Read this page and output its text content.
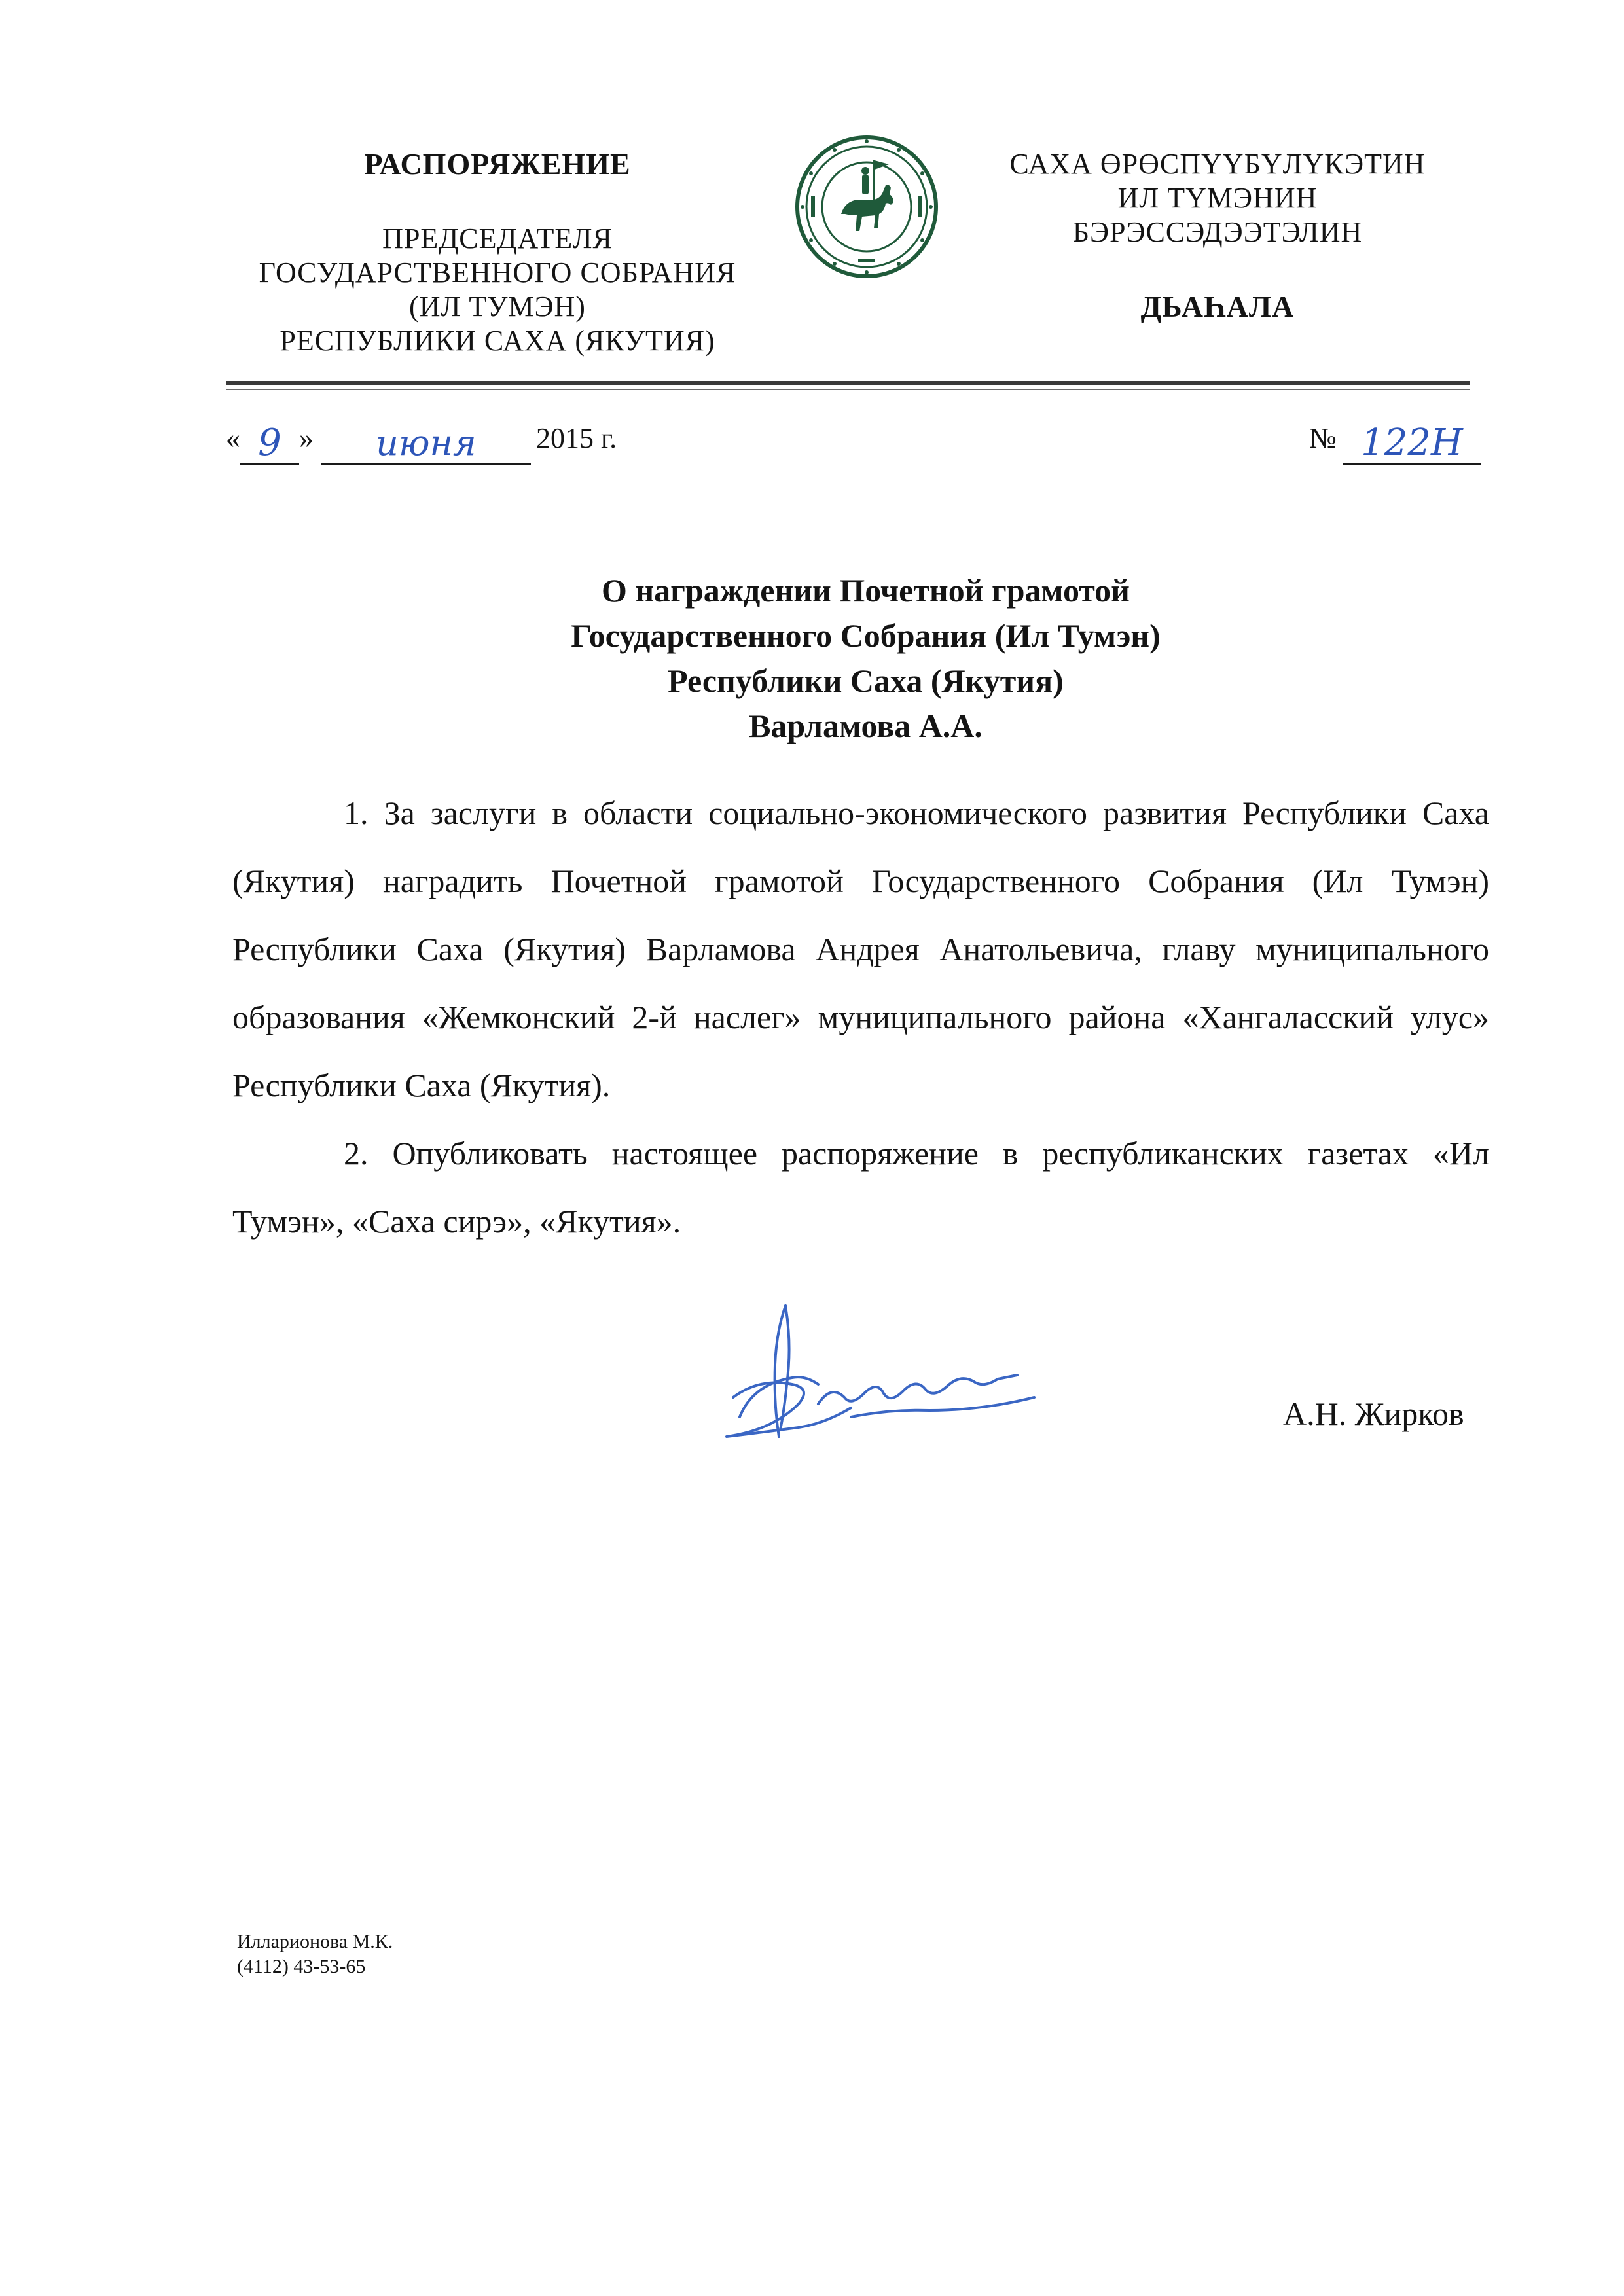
РАСПОРЯЖЕНИЕ
ПРЕДСЕДАТЕЛЯ
ГОСУДАРСТВЕННОГО СОБРАНИЯ
(ИЛ ТУМЭН)
РЕСПУБЛИКИ САХА (ЯКУТИЯ)
САХА ӨРӨСПҮҮБҮЛҮКЭТИН
ИЛ ТҮМЭНИН
БЭРЭССЭДЭЭТЭЛИН
ДЬАҺАЛА
« 9 » июня 2015 г.	№ 122Н
О награждении Почетной грамотой
Государственного Собрания (Ил Тумэн)
Республики Саха (Якутия)
Варламова А.А.

1. За заслуги в области социально-экономического развития Республики Саха (Якутия) наградить Почетной грамотой Государственного Собрания (Ил Тумэн) Республики Саха (Якутия) Варламова Андрея Анатольевича, главу муниципального образования «Жемконский 2-й наслег» муниципального района «Хангаласский улус» Республики Саха (Якутия).

2. Опубликовать настоящее распоряжение в республиканских газетах «Ил Тумэн», «Саха сирэ», «Якутия».

А.Н. Жирков
Илларионова М.К.
(4112) 43-53-65
